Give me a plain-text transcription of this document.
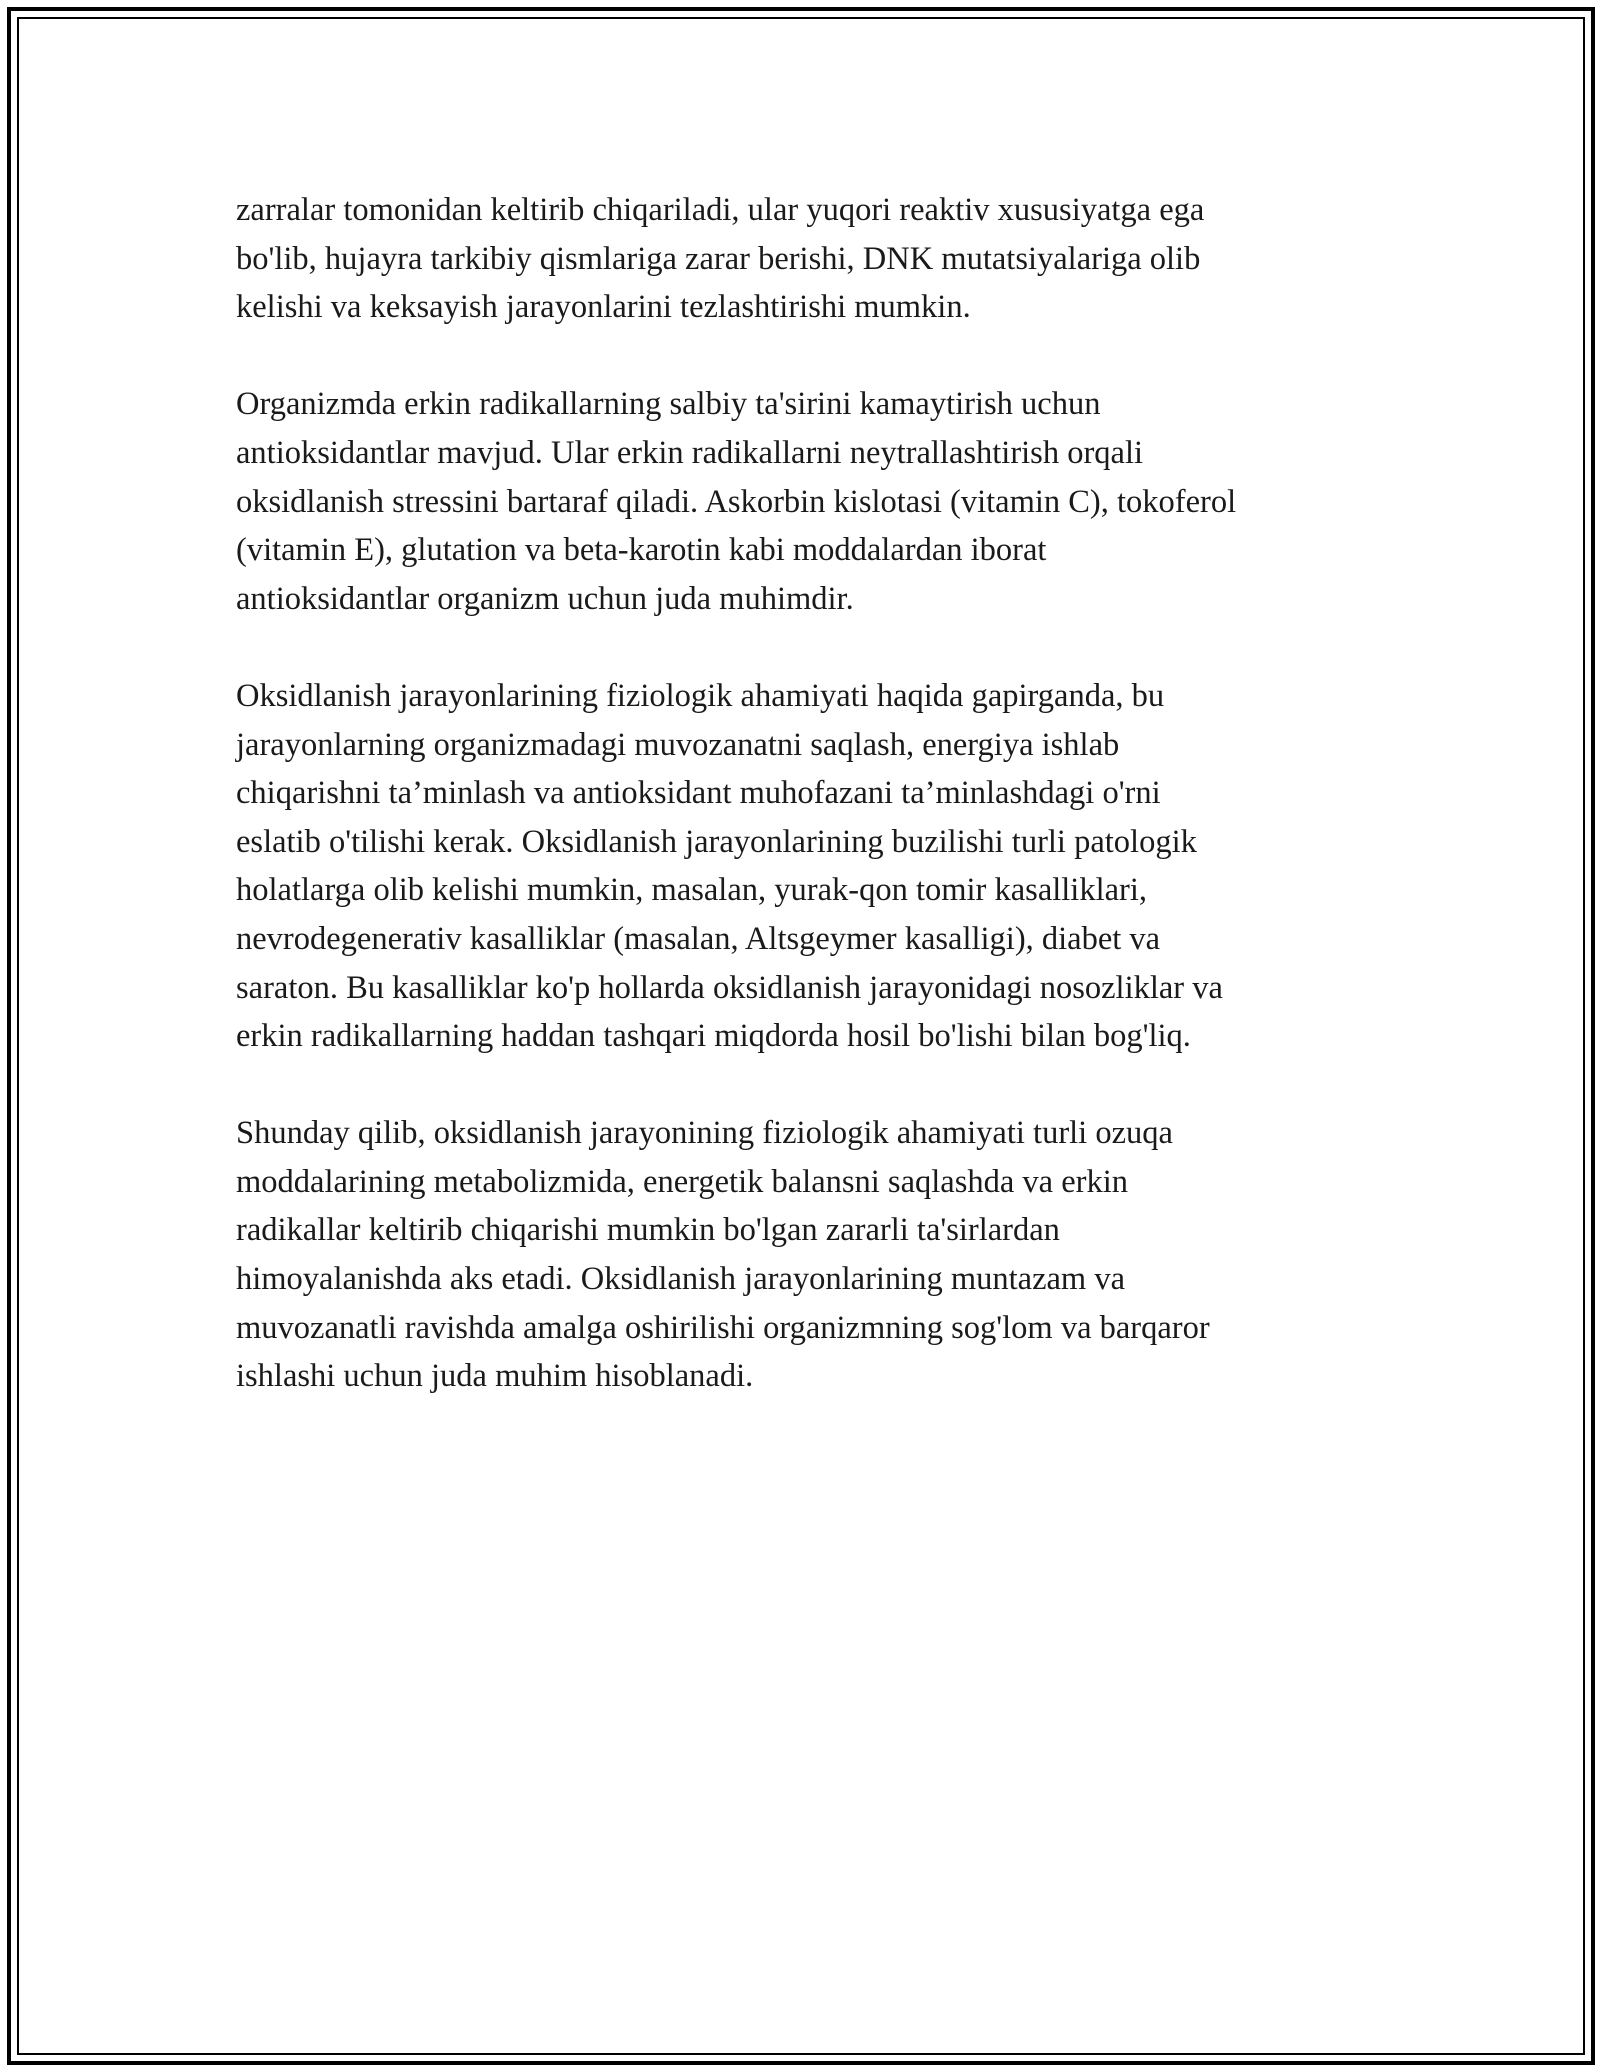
zarralar tomonidan keltirib chiqariladi, ular yuqori reaktiv xususiyatga ega
bo'lib, hujayra tarkibiy qismlariga zarar berishi, DNK mutatsiyalariga olib
kelishi va keksayish jarayonlarini tezlashtirishi mumkin.

Organizmda erkin radikallarning salbiy ta'sirini kamaytirish uchun
antioksidantlar mavjud. Ular erkin radikallarni neytrallashtirish orqali
oksidlanish stressini bartaraf qiladi. Askorbin kislotasi (vitamin C), tokoferol
(vitamin E), glutation va beta-karotin kabi moddalardan iborat
antioksidantlar organizm uchun juda muhimdir.

Oksidlanish jarayonlarining fiziologik ahamiyati haqida gapirganda, bu
jarayonlarning organizmadagi muvozanatni saqlash, energiya ishlab
chiqarishni ta’minlash va antioksidant muhofazani ta’minlashdagi o'rni
eslatib o'tilishi kerak. Oksidlanish jarayonlarining buzilishi turli patologik
holatlarga olib kelishi mumkin, masalan, yurak-qon tomir kasalliklari,
nevrodegenerativ kasalliklar (masalan, Altsgeymer kasalligi), diabet va
saraton. Bu kasalliklar ko'p hollarda oksidlanish jarayonidagi nosozliklar va
erkin radikallarning haddan tashqari miqdorda hosil bo'lishi bilan bog'liq.

Shunday qilib, oksidlanish jarayonining fiziologik ahamiyati turli ozuqa
moddalarining metabolizmida, energetik balansni saqlashda va erkin
radikallar keltirib chiqarishi mumkin bo'lgan zararli ta'sirlardan
himoyalanishda aks etadi. Oksidlanish jarayonlarining muntazam va
muvozanatli ravishda amalga oshirilishi organizmning sog'lom va barqaror
ishlashi uchun juda muhim hisoblanadi.
